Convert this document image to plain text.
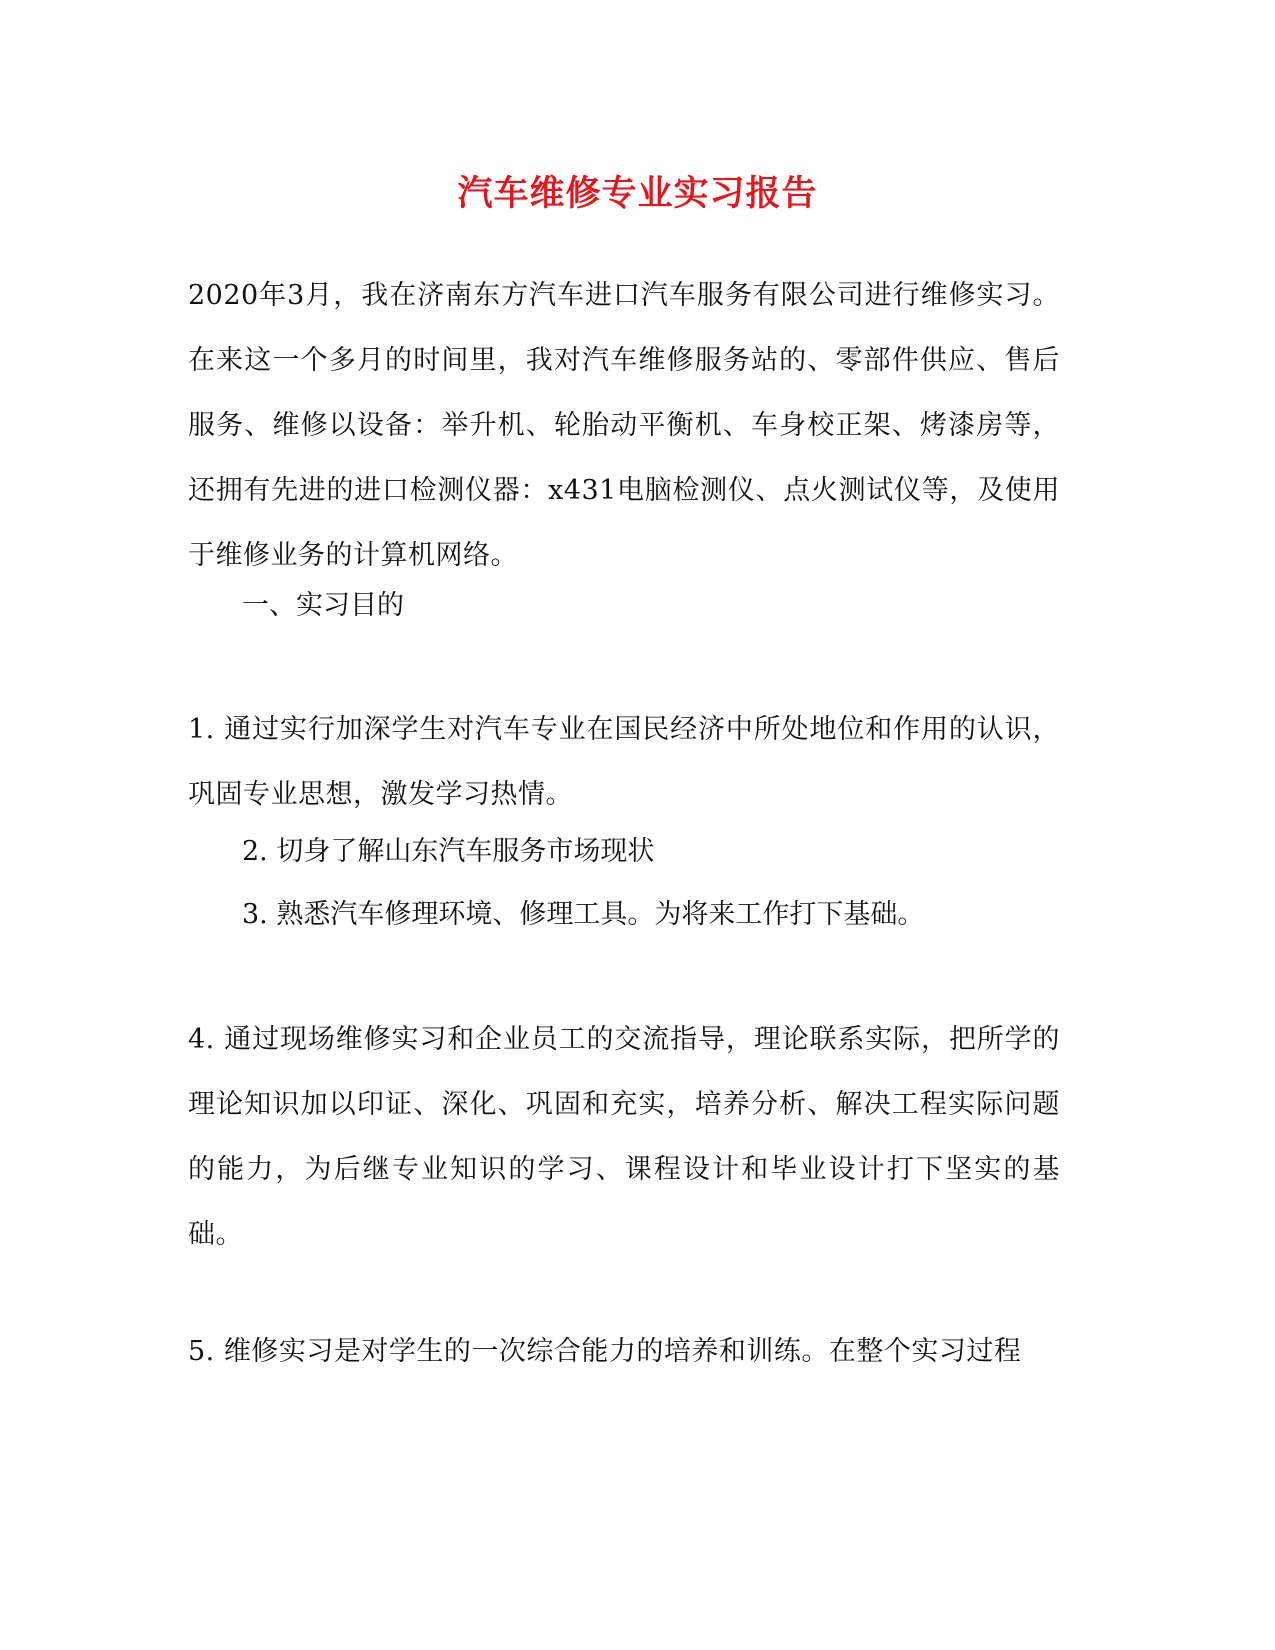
汽车维修专业实习报告
2020年3月，我在济南东方汽车进口汽车服务有限公司进行维修实习。在来这一个多月的时间里，我对汽车维修服务站的、零部件供应、售后服务、维修以设备：举升机、轮胎动平衡机、车身校正架、烤漆房等，还拥有先进的进口检测仪器：x431电脑检测仪、点火测试仪等，及使用于维修业务的计算机网络。
一、实习目的
1. 通过实行加深学生对汽车专业在国民经济中所处地位和作用的认识，巩固专业思想，激发学习热情。
2. 切身了解山东汽车服务市场现状
3. 熟悉汽车修理环境、修理工具。为将来工作打下基础。
4. 通过现场维修实习和企业员工的交流指导，理论联系实际，把所学的理论知识加以印证、深化、巩固和充实，培养分析、解决工程实际问题的能力，为后继专业知识的学习、课程设计和毕业设计打下坚实的基础。
5. 维修实习是对学生的一次综合能力的培养和训练。在整个实习过程
